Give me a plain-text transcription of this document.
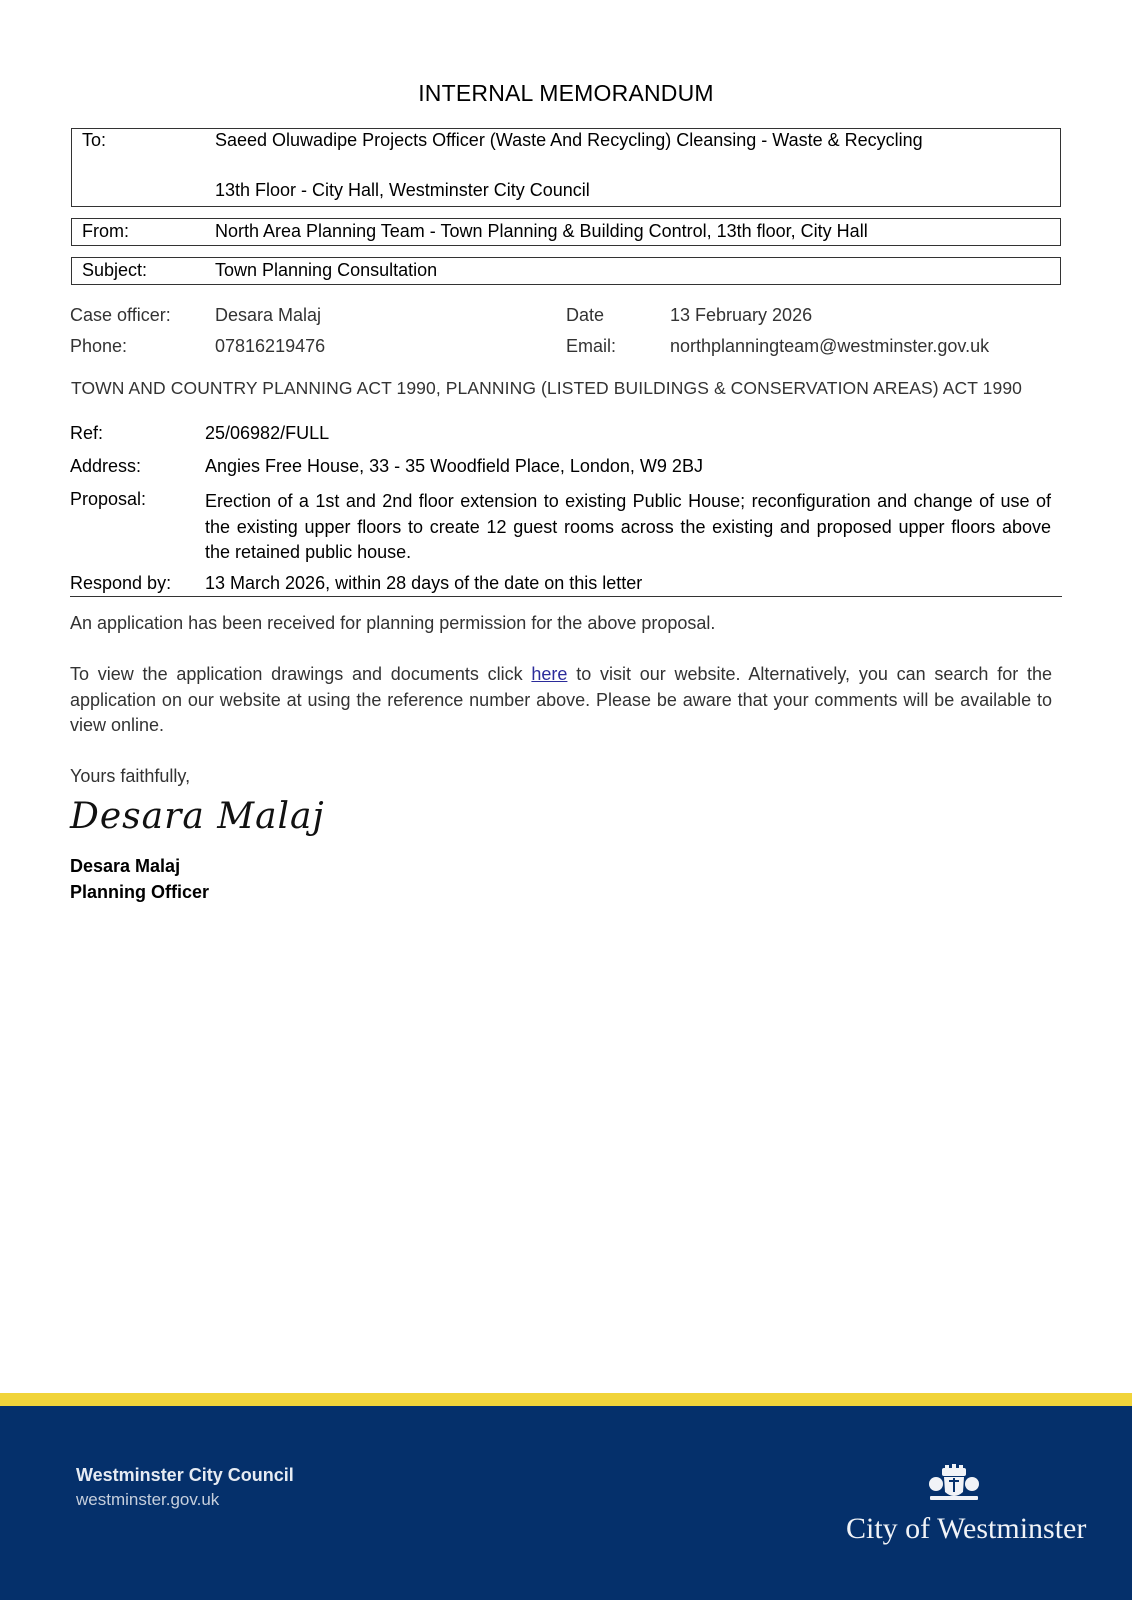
INTERNAL MEMORANDUM
To:	Saeed Oluwadipe Projects Officer (Waste And Recycling) Cleansing - Waste & Recycling
13th Floor - City Hall, Westminster City Council
From:	North Area Planning Team - Town Planning & Building Control, 13th floor, City Hall
Subject:	Town Planning Consultation
Case officer: Desara Malaj	Date	13 February 2026
Phone:	07816219476	Email:	northplanningteam@westminster.gov.uk
TOWN AND COUNTRY PLANNING ACT 1990, PLANNING (LISTED BUILDINGS & CONSERVATION AREAS) ACT 1990
Ref:	25/06982/FULL
Address:	Angies Free House, 33 - 35 Woodfield Place, London, W9 2BJ
Proposal:	Erection of a 1st and 2nd floor extension to existing Public House; reconfiguration and change of use of the existing upper floors to create 12 guest rooms across the existing and proposed upper floors above the retained public house.
Respond by: 13 March 2026, within 28 days of the date on this letter
An application has been received for planning permission for the above proposal.
To view the application drawings and documents click here to visit our website. Alternatively, you can search for the application on our website at using the reference number above. Please be aware that your comments will be available to view online.
Yours faithfully,
Desara Malaj
Desara Malaj
Planning Officer
Westminster City Council
westminster.gov.uk
City of Westminster
